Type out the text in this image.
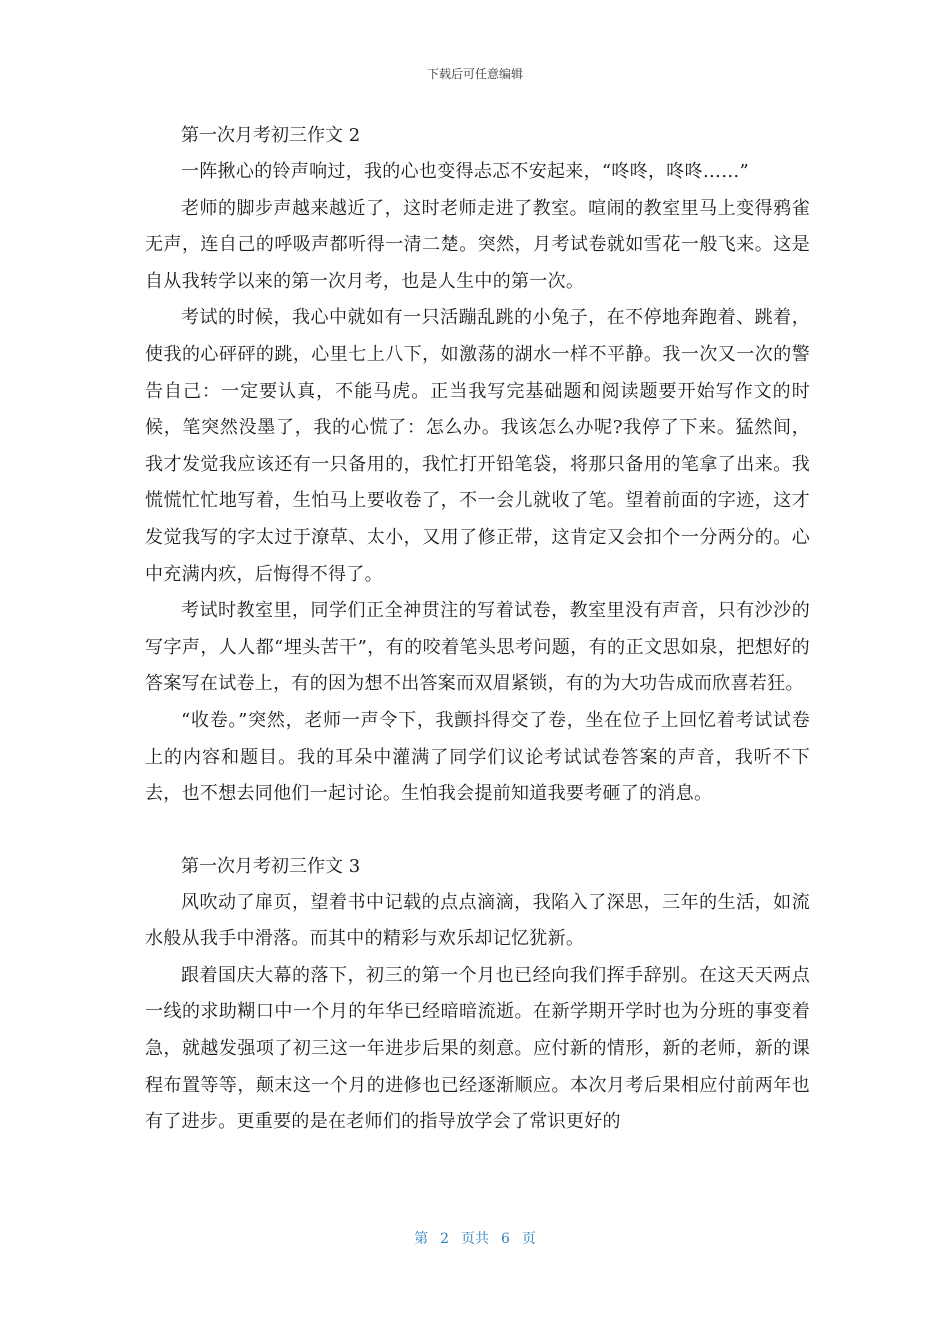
下载后可任意编辑
第一次月考初三作文 2

一阵揪心的铃声响过，我的心也变得忐忑不安起来，“咚咚，咚咚……”

老师的脚步声越来越近了，这时老师走进了教室。喧闹的教室里马上变得鸦雀无声，连自己的呼吸声都听得一清二楚。突然，月考试卷就如雪花一般飞来。这是自从我转学以来的第一次月考，也是人生中的第一次。

考试的时候，我心中就如有一只活蹦乱跳的小兔子，在不停地奔跑着、跳着，使我的心砰砰的跳，心里七上八下，如激荡的湖水一样不平静。我一次又一次的警告自己：一定要认真，不能马虎。正当我写完基础题和阅读题要开始写作文的时候，笔突然没墨了，我的心慌了：怎么办。我该怎么办呢?我停了下来。猛然间，我才发觉我应该还有一只备用的，我忙打开铅笔袋，将那只备用的笔拿了出来。我慌慌忙忙地写着，生怕马上要收卷了，不一会儿就收了笔。望着前面的字迹，这才发觉我写的字太过于潦草、太小，又用了修正带，这肯定又会扣个一分两分的。心中充满内疚，后悔得不得了。

考试时教室里，同学们正全神贯注的写着试卷，教室里没有声音，只有沙沙的写字声，人人都“埋头苦干”，有的咬着笔头思考问题，有的正文思如泉，把想好的答案写在试卷上，有的因为想不出答案而双眉紧锁，有的为大功告成而欣喜若狂。

“收卷。”突然，老师一声令下，我颤抖得交了卷，坐在位子上回忆着考试试卷上的内容和题目。我的耳朵中灌满了同学们议论考试试卷答案的声音，我听不下去，也不想去同他们一起讨论。生怕我会提前知道我要考砸了的消息。

第一次月考初三作文 3

风吹动了扉页，望着书中记载的点点滴滴，我陷入了深思，三年的生活，如流水般从我手中滑落。而其中的精彩与欢乐却记忆犹新。

跟着国庆大幕的落下，初三的第一个月也已经向我们挥手辞别。在这天天两点一线的求助糊口中一个月的年华已经暗暗流逝。在新学期开学时也为分班的事变着急，就越发强项了初三这一年进步后果的刻意。应付新的情形，新的老师，新的课程布置等等，颠末这一个月的进修也已经逐渐顺应。本次月考后果相应付前两年也有了进步。更重要的是在老师们的指导放学会了常识更好的

第 2 页共 6 页
